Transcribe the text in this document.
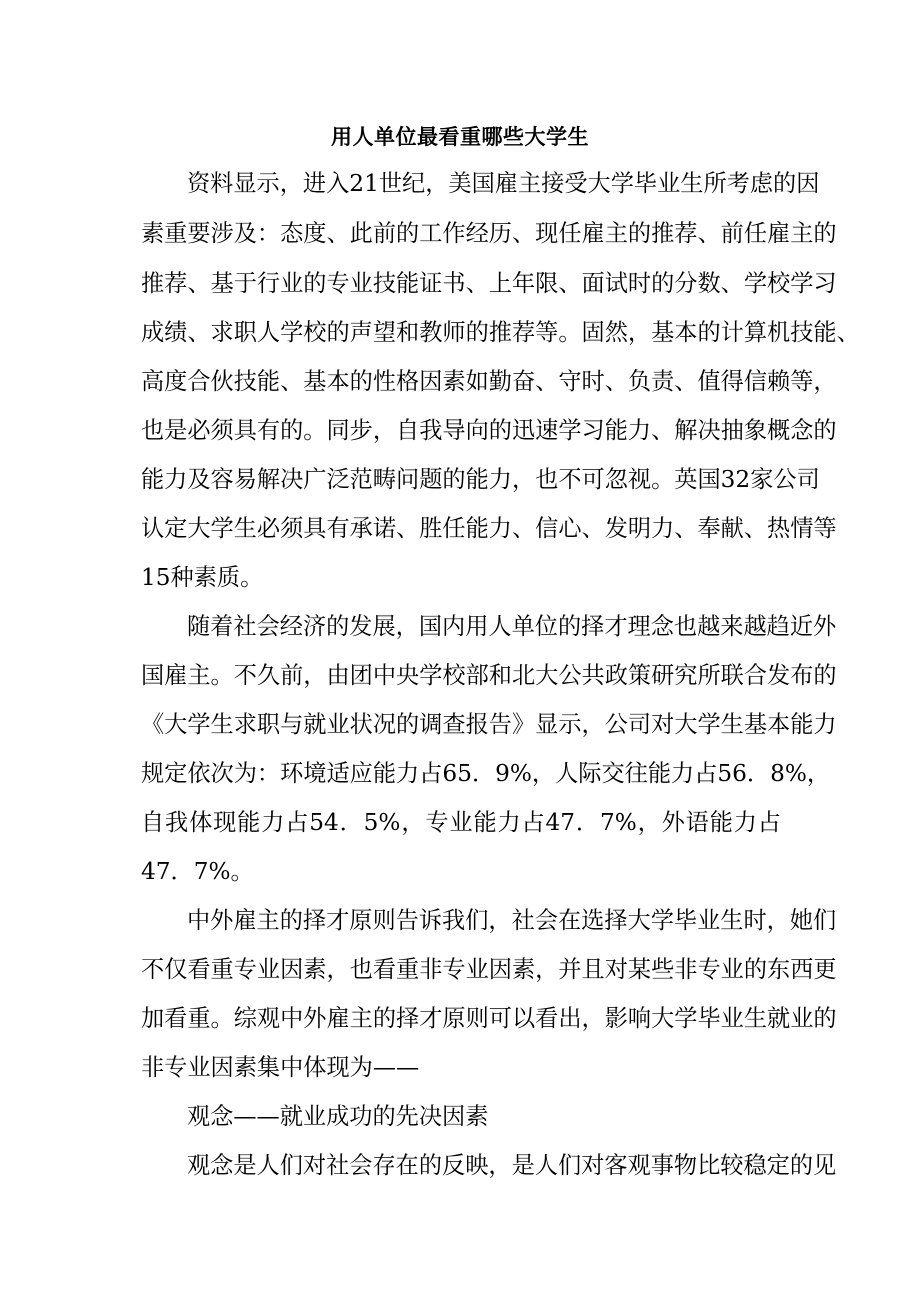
用人单位最看重哪些大学生
资料显示，进入21世纪，美国雇主接受大学毕业生所考虑的因
素重要涉及：态度、此前的工作经历、现任雇主的推荐、前任雇主的
推荐、基于行业的专业技能证书、上年限、面试时的分数、学校学习
成绩、求职人学校的声望和教师的推荐等。固然，基本的计算机技能、
高度合伙技能、基本的性格因素如勤奋、守时、负责、值得信赖等，
也是必须具有的。同步，自我导向的迅速学习能力、解决抽象概念的
能力及容易解决广泛范畴问题的能力，也不可忽视。英国32家公司
认定大学生必须具有承诺、胜任能力、信心、发明力、奉献、热情等
15种素质。
随着社会经济的发展，国内用人单位的择才理念也越来越趋近外
国雇主。不久前，由团中央学校部和北大公共政策研究所联合发布的
《大学生求职与就业状况的调查报告》显示，公司对大学生基本能力
规定依次为：环境适应能力占65．9%，人际交往能力占56．8%，
自我体现能力占54．5%，专业能力占47．7%，外语能力占
47．7%。
中外雇主的择才原则告诉我们，社会在选择大学毕业生时，她们
不仅看重专业因素，也看重非专业因素，并且对某些非专业的东西更
加看重。综观中外雇主的择才原则可以看出，影响大学毕业生就业的
非专业因素集中体现为——
观念——就业成功的先决因素
观念是人们对社会存在的反映，是人们对客观事物比较稳定的见
